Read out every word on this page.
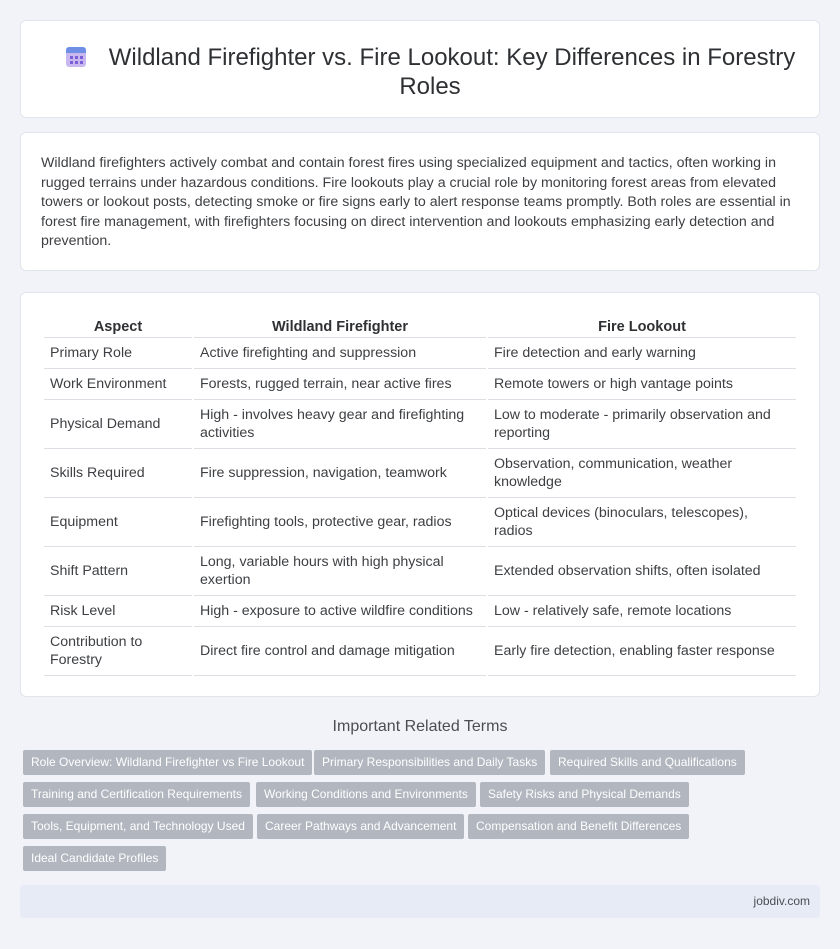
Wildland Firefighter vs. Fire Lookout: Key Differences in Forestry Roles

Wildland firefighters actively combat and contain forest fires using specialized equipment and tactics, often working in rugged terrains under hazardous conditions. Fire lookouts play a crucial role by monitoring forest areas from elevated towers or lookout posts, detecting smoke or fire signs early to alert response teams promptly. Both roles are essential in forest fire management, with firefighters focusing on direct intervention and lookouts emphasizing early detection and prevention.

Aspect	Wildland Firefighter	Fire Lookout
Primary Role	Active firefighting and suppression	Fire detection and early warning
Work Environment	Forests, rugged terrain, near active fires	Remote towers or high vantage points
Physical Demand	High - involves heavy gear and firefighting activities	Low to moderate - primarily observation and reporting
Skills Required	Fire suppression, navigation, teamwork	Observation, communication, weather knowledge
Equipment	Firefighting tools, protective gear, radios	Optical devices (binoculars, telescopes), radios
Shift Pattern	Long, variable hours with high physical exertion	Extended observation shifts, often isolated
Risk Level	High - exposure to active wildfire conditions	Low - relatively safe, remote locations
Contribution to Forestry	Direct fire control and damage mitigation	Early fire detection, enabling faster response
Important Related Terms
Role Overview: Wildland Firefighter vs Fire Lookout	Primary Responsibilities and Daily Tasks	Required Skills and Qualifications
Training and Certification Requirements	Working Conditions and Environments	Safety Risks and Physical Demands
Tools, Equipment, and Technology Used	Career Pathways and Advancement	Compensation and Benefit Differences
Ideal Candidate Profiles
jobdiv.com
